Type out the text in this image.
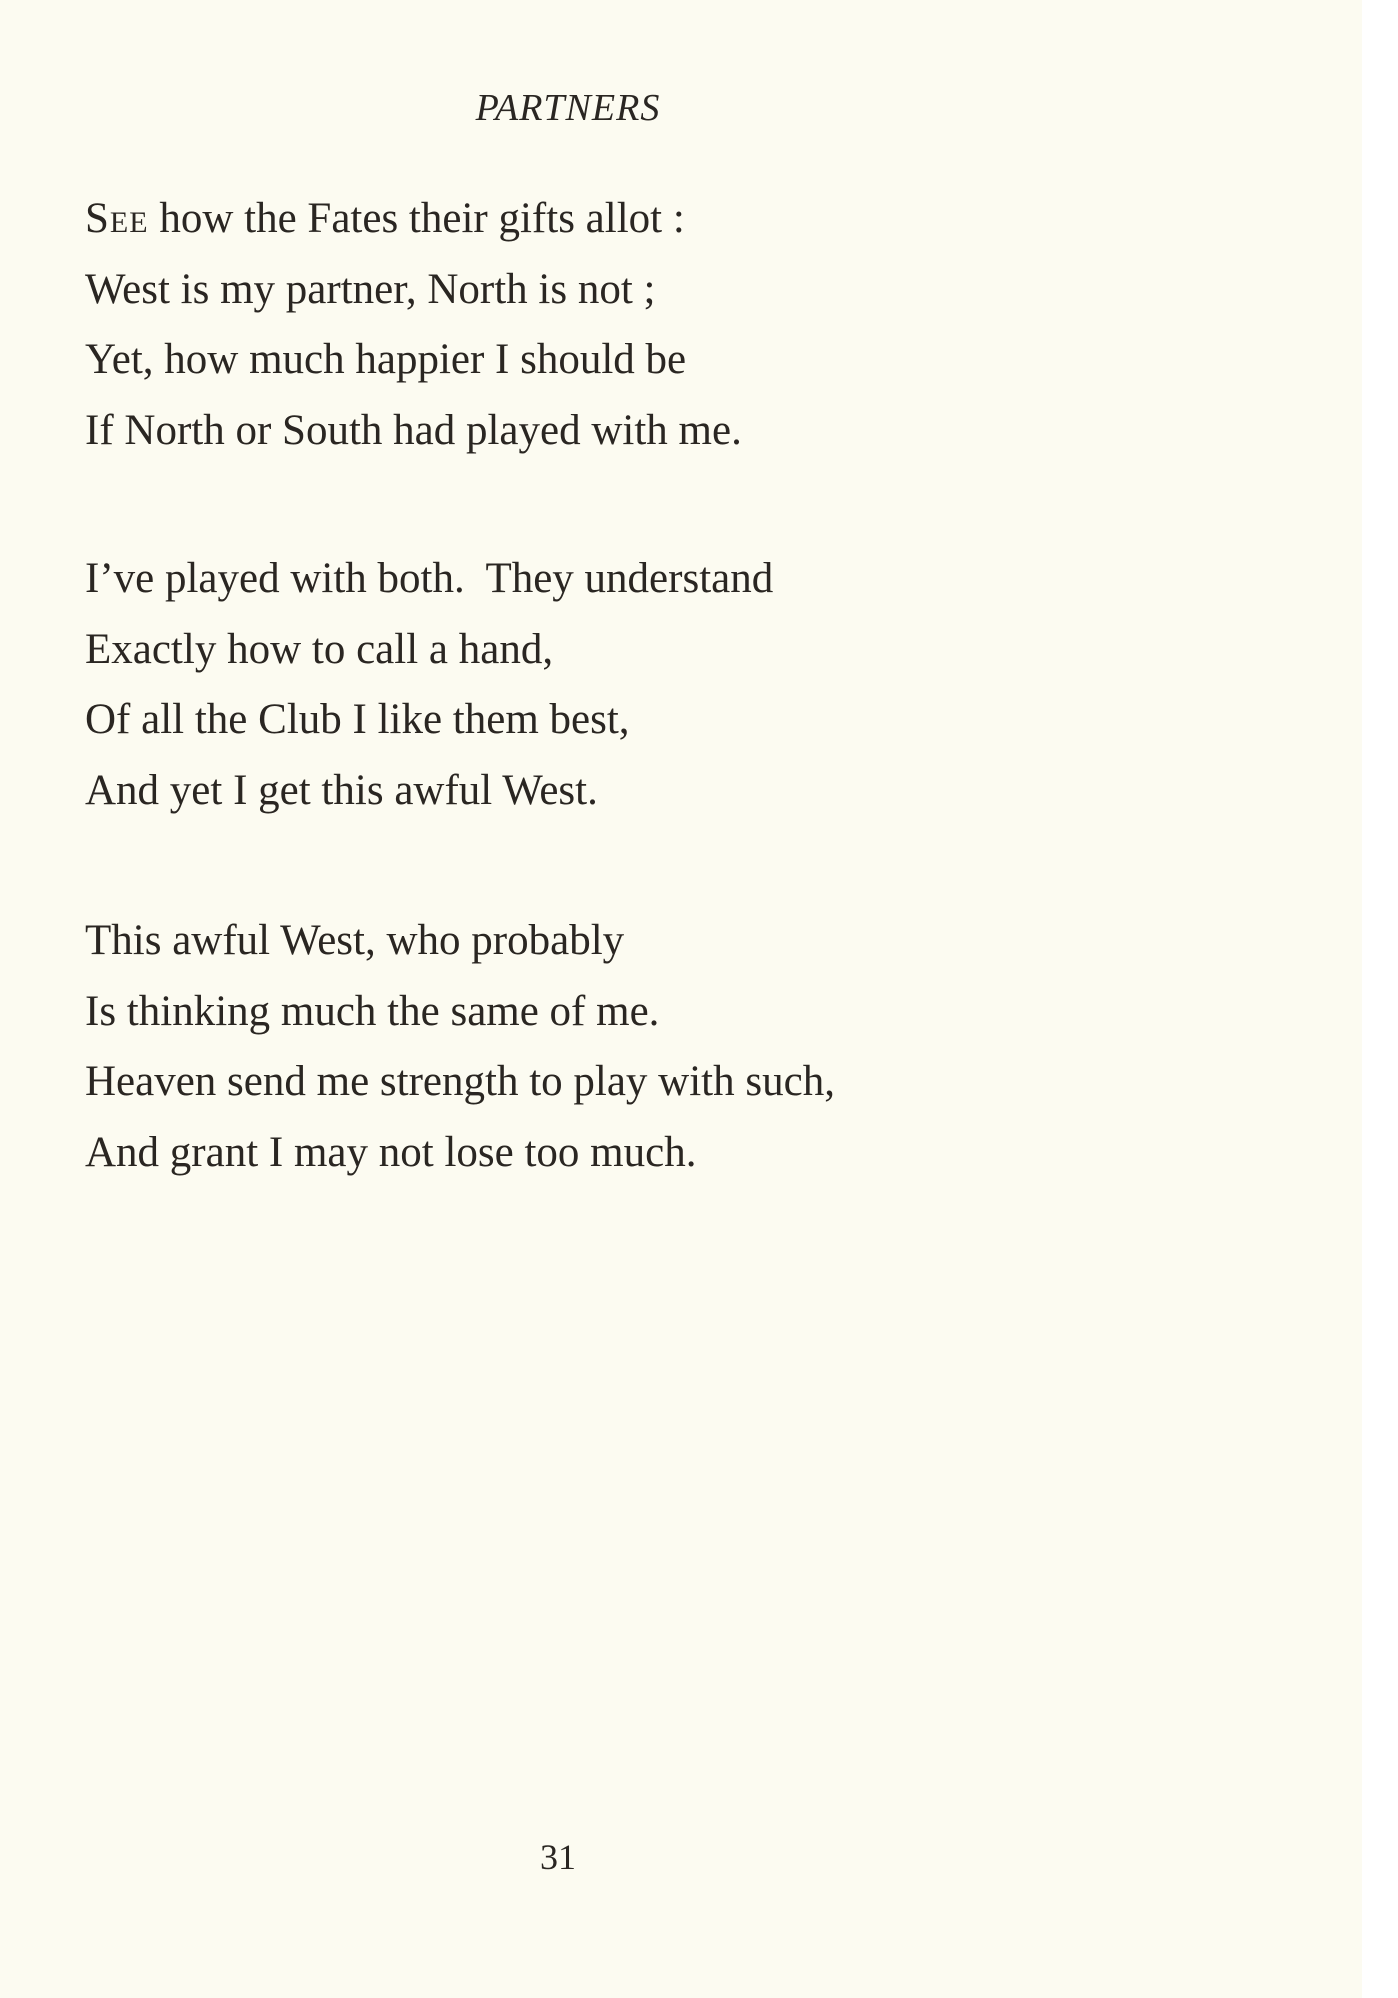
PARTNERS
See how the Fates their gifts allot :
West is my partner, North is not ;
Yet, how much happier I should be
If North or South had played with me.
I’ve played with both.  They understand
Exactly how to call a hand,
Of all the Club I like them best,
And yet I get this awful West.
This awful West, who probably
Is thinking much the same of me.
Heaven send me strength to play with such,
And grant I may not lose too much.
31
